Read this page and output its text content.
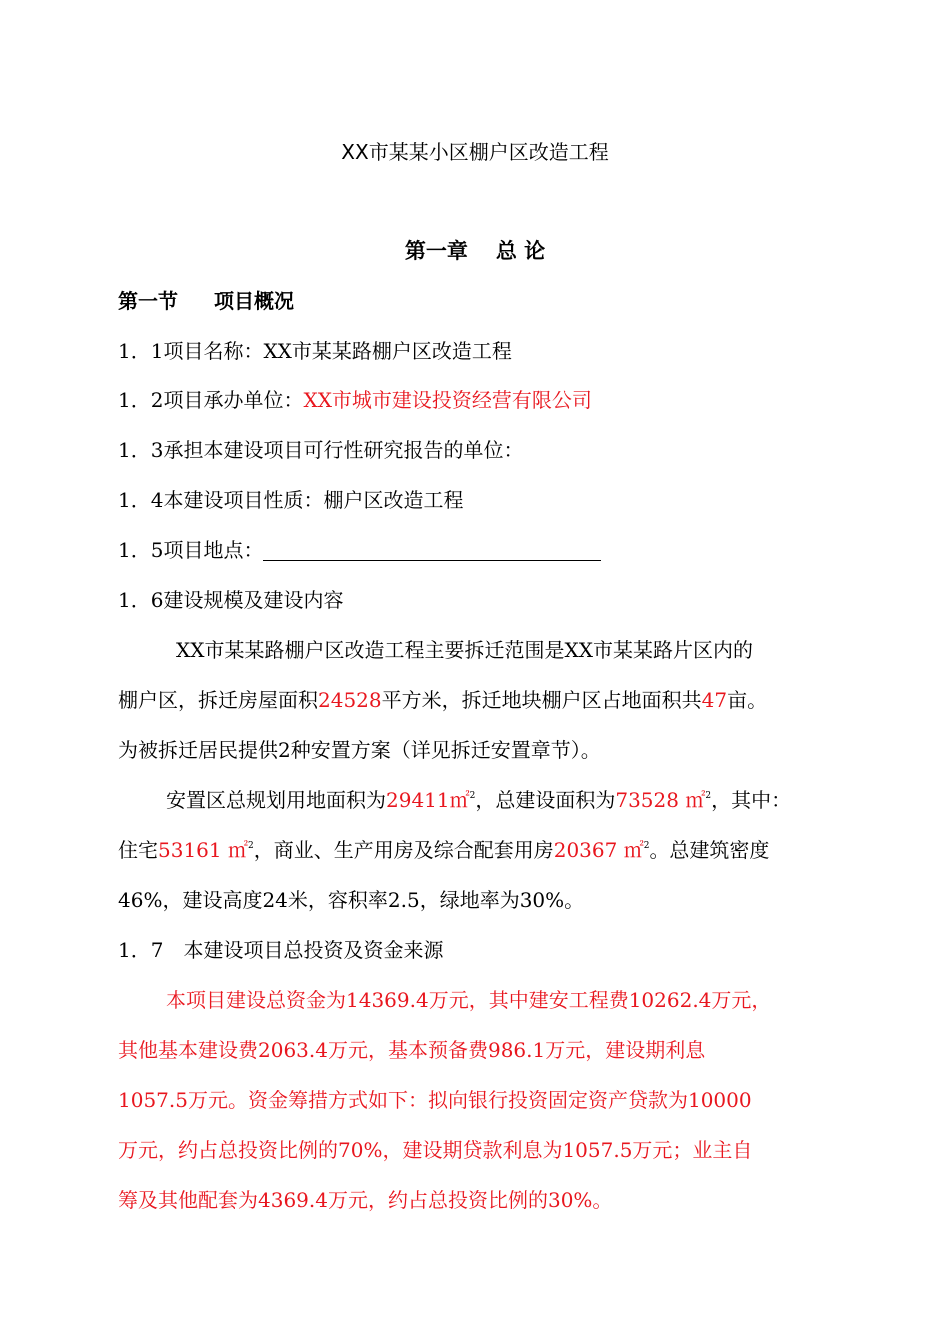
XX市某某小区棚户区改造工程
第一章 总 论
第一节 项目概况
1．1项目名称：XX市某某路棚户区改造工程
1．2项目承办单位：XX市城市建设投资经营有限公司
1．3承担本建设项目可行性研究报告的单位：
1．4本建设项目性质：棚户区改造工程
1．5项目地点：
1．6建设规模及建设内容
XX市某某路棚户区改造工程主要拆迁范围是XX市某某路片区内的
棚户区，拆迁房屋面积24528平方米，拆迁地块棚户区占地面积共47亩。
为被拆迁居民提供2种安置方案（详见拆迁安置章节）。
安置区总规划用地面积为29411㎡$^2$，总建设面积为73528 ㎡$^2$，其中：
住宅53161 ㎡$^2$，商业、生产用房及综合配套用房20367 ㎡$^2$。总建筑密度
46%，建设高度24米，容积率2.5，绿地率为30%。
1．7　本建设项目总投资及资金来源
本项目建设总资金为14369.4万元，其中建安工程费10262.4万元，
其他基本建设费2063.4万元，基本预备费986.1万元，建设期利息
1057.5万元。资金筹措方式如下：拟向银行投资固定资产贷款为10000
万元，约占总投资比例的70%，建设期贷款利息为1057.5万元；业主自
筹及其他配套为4369.4万元，约占总投资比例的30%。
